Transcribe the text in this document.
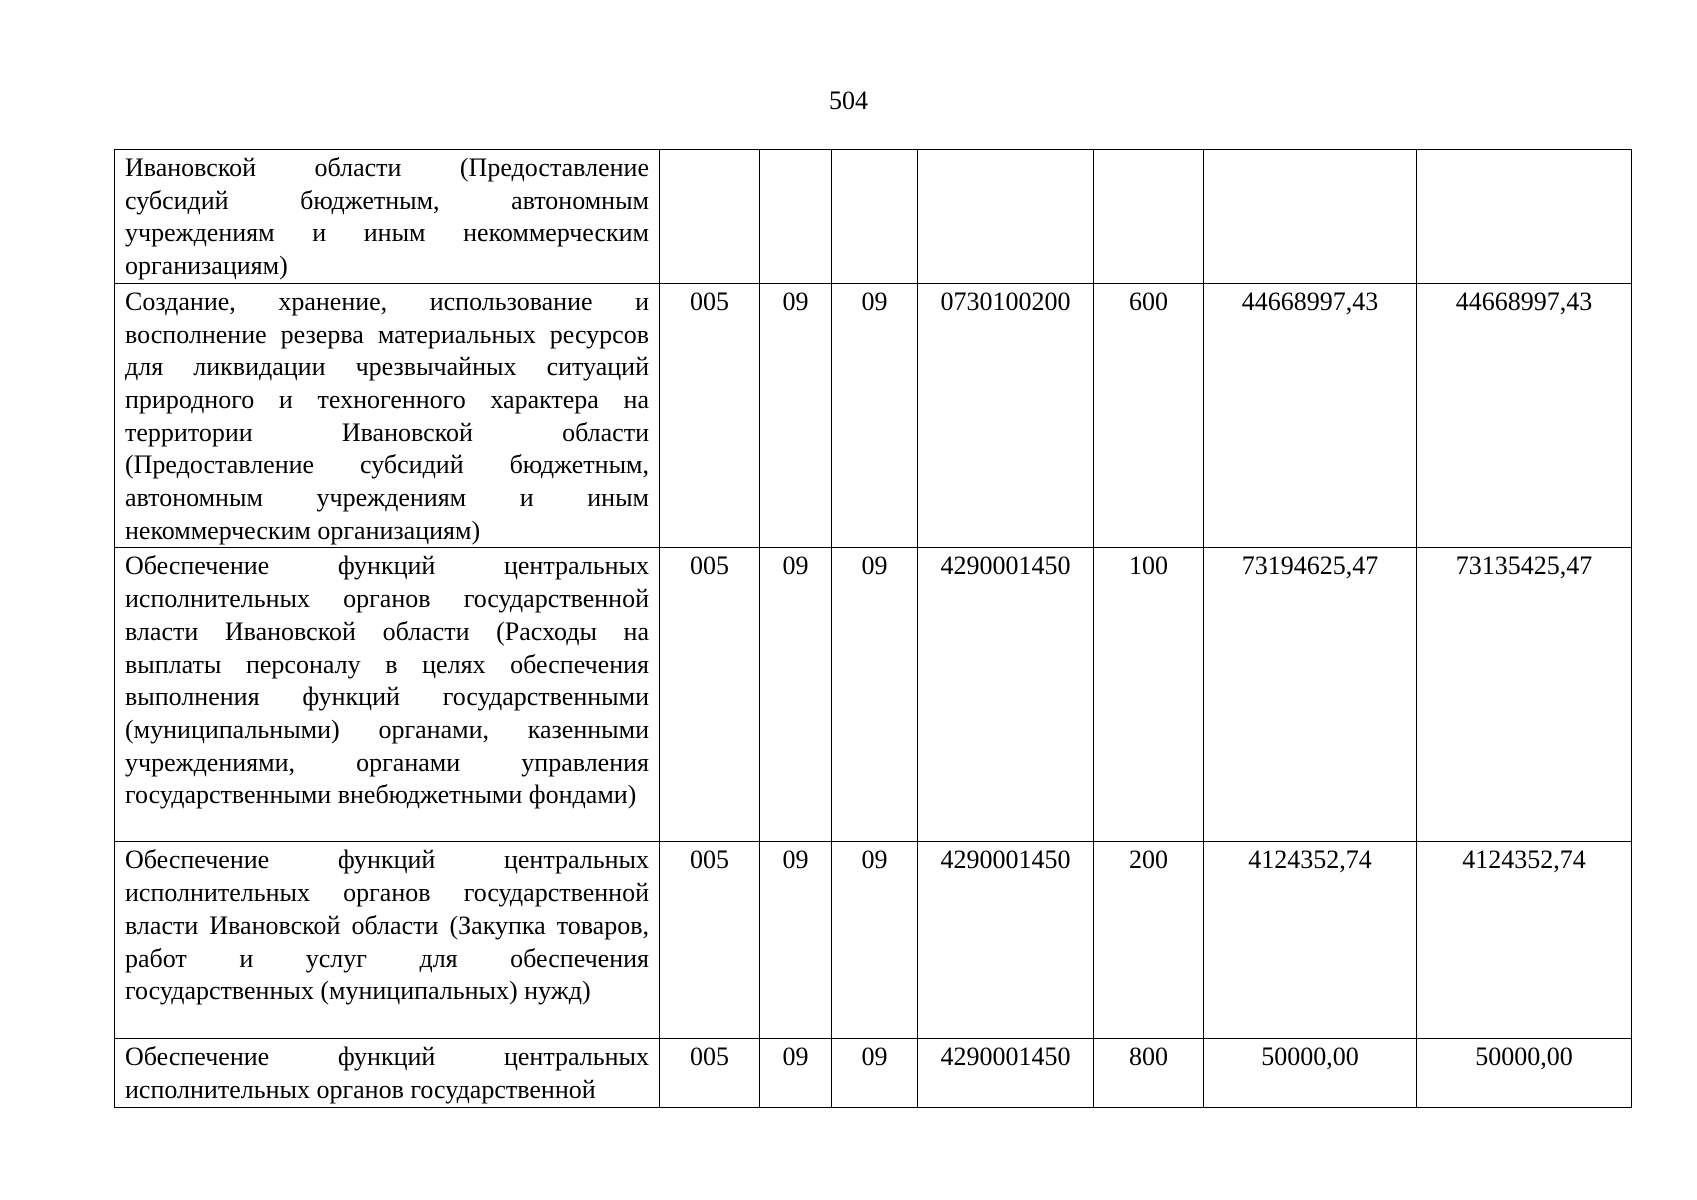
504
Ивановской области (Предоставление субсидий бюджетным, автономным учреждениям и иным некоммерческим организациям)							
Создание, хранение, использование и восполнение резерва материальных ресурсов для ликвидации чрезвычайных ситуаций природного и техногенного характера на территории Ивановской области (Предоставление субсидий бюджетным, автономным учреждениям и иным некоммерческим организациям)	005	09	09	0730100200	600	44668997,43	44668997,43
Обеспечение функций центральных исполнительных органов государственной власти Ивановской области (Расходы на выплаты персоналу в целях обеспечения выполнения функций государственными (муниципальными) органами, казенными учреждениями, органами управления государственными внебюджетными фондами)	005	09	09	4290001450	100	73194625,47	73135425,47
Обеспечение функций центральных исполнительных органов государственной власти Ивановской области (Закупка товаров, работ и услуг для обеспечения государственных (муниципальных) нужд)	005	09	09	4290001450	200	4124352,74	4124352,74
Обеспечение функций центральных исполнительных органов государственной	005	09	09	4290001450	800	50000,00	50000,00
